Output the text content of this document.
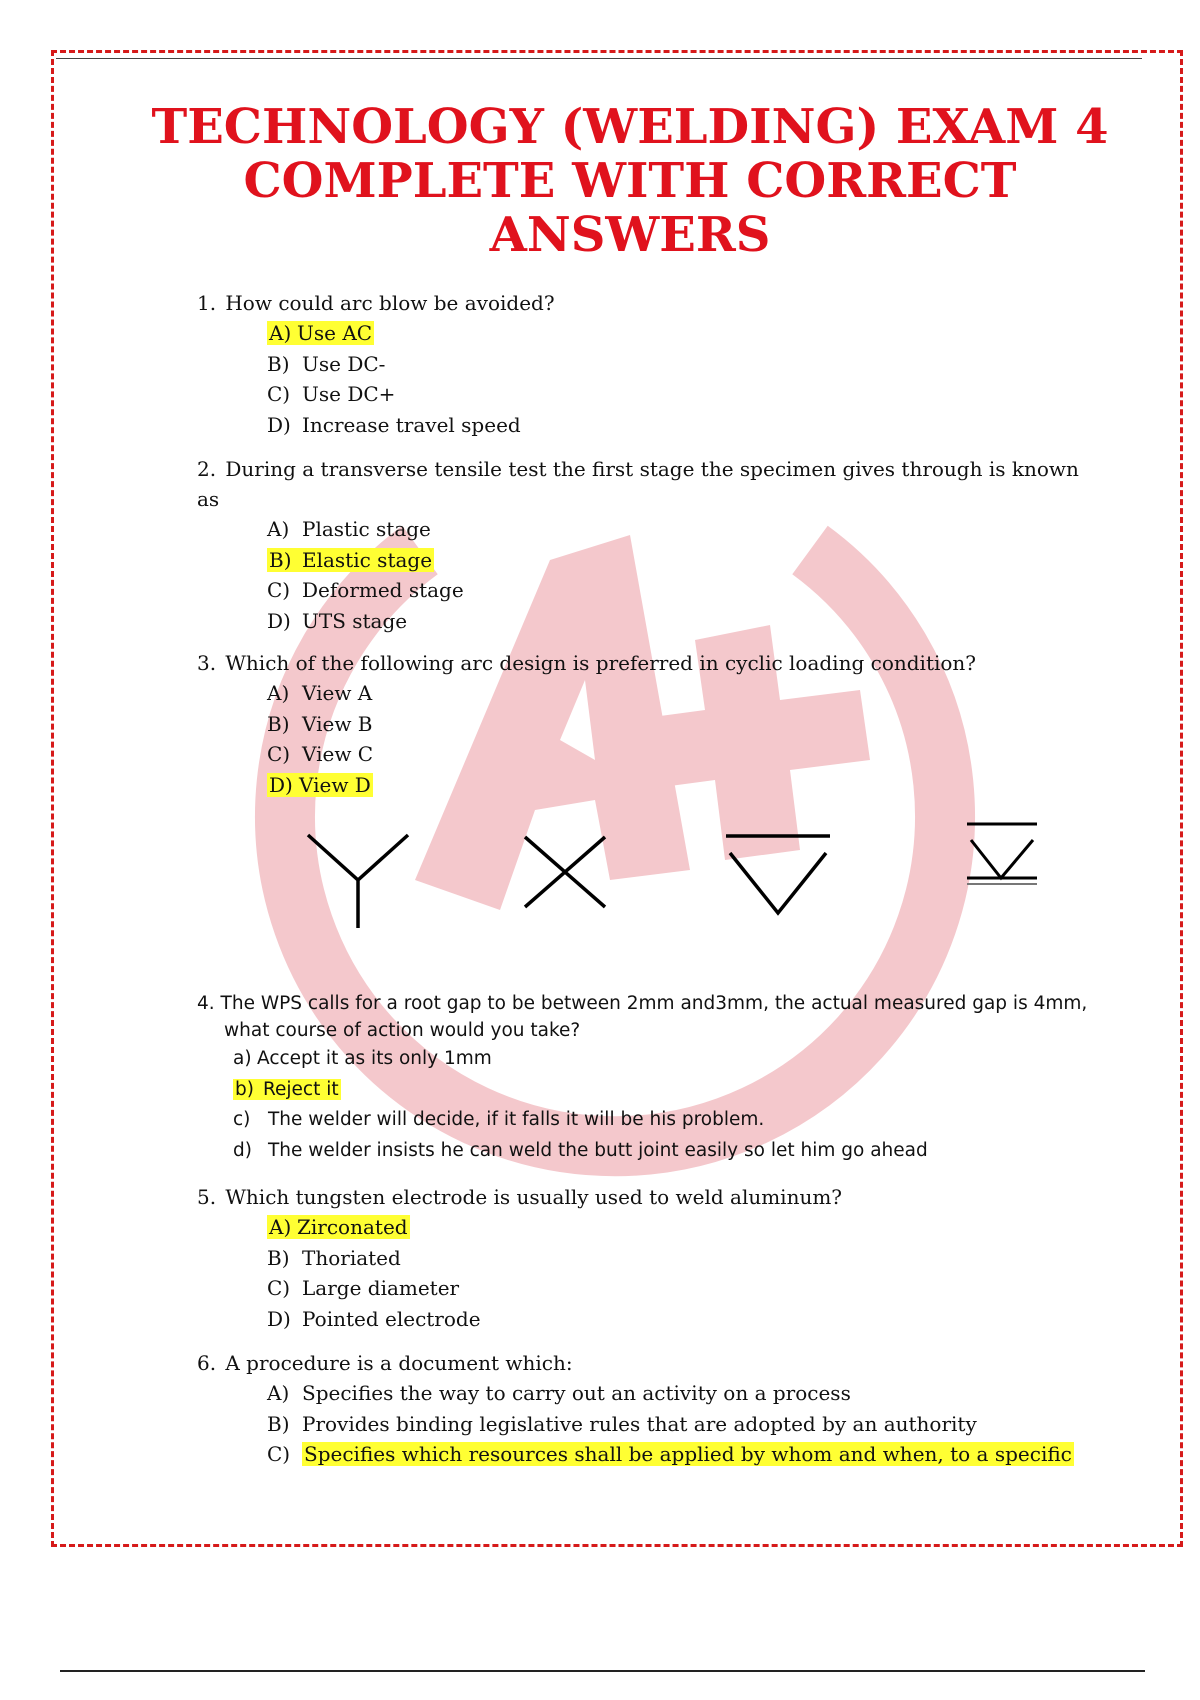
TECHNOLOGY (WELDING) EXAM 4
COMPLETE WITH CORRECT
ANSWERS

1. How could arc blow be avoided?

A) Use AC
B) Use DC-
C) Use DC+
D) Increase travel speed

2. During a transverse tensile test the first stage the specimen gives through is known as

A) Plastic stage
B) Elastic stage
C) Deformed stage
D) UTS stage

3. Which of the following arc design is preferred in cyclic loading condition?

A) View A
B) View B
C) View C
D) View D

4. The WPS calls for a root gap to be between 2mm and3mm, the actual measured gap is 4mm,

what course of action would you take?

a) Accept it as its only 1mm
b) Reject it
c) The welder will decide, if it falls it will be his problem.
d) The welder insists he can weld the butt joint easily so let him go ahead

5. Which tungsten electrode is usually used to weld aluminum?

A) Zirconated
B) Thoriated
C) Large diameter
D) Pointed electrode

6. A procedure is a document which:

A) Specifies the way to carry out an activity on a process
B) Provides binding legislative rules that are adopted by an authority
C) Specifies which resources shall be applied by whom and when, to a specific
